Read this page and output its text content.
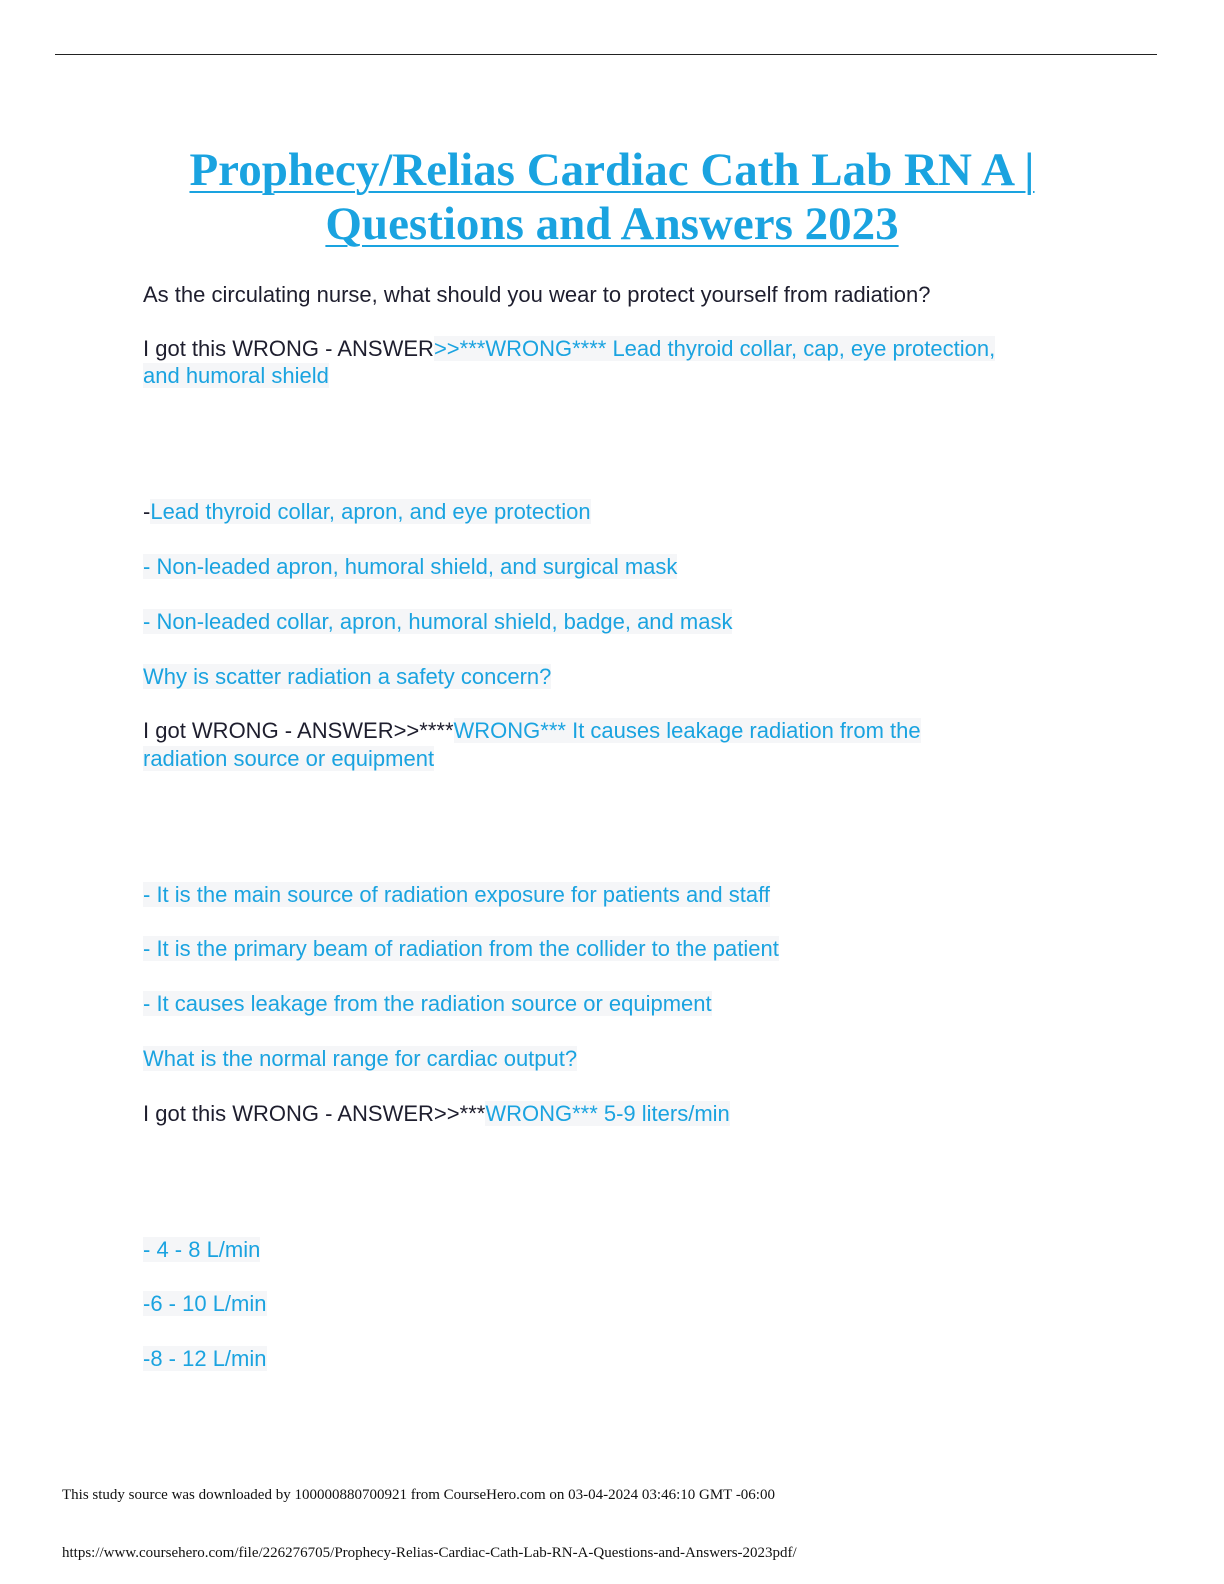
Prophecy/Relias Cardiac Cath Lab RN A |
Questions and Answers 2023
As the circulating nurse, what should you wear to protect yourself from radiation?
I got this WRONG - ANSWER>>***WRONG**** Lead thyroid collar, cap, eye protection,
and humoral shield
-Lead thyroid collar, apron, and eye protection
- Non-leaded apron, humoral shield, and surgical mask
- Non-leaded collar, apron, humoral shield, badge, and mask
Why is scatter radiation a safety concern?
I got WRONG - ANSWER>>****WRONG*** It causes leakage radiation from the
radiation source or equipment
- It is the main source of radiation exposure for patients and staff
- It is the primary beam of radiation from the collider to the patient
- It causes leakage from the radiation source or equipment
What is the normal range for cardiac output?
I got this WRONG - ANSWER>>***WRONG*** 5-9 liters/min
- 4 - 8 L/min
-6 - 10 L/min
-8 - 12 L/min
This study source was downloaded by 100000880700921 from CourseHero.com on 03-04-2024 03:46:10 GMT -06:00
https://www.coursehero.com/file/226276705/Prophecy-Relias-Cardiac-Cath-Lab-RN-A-Questions-and-Answers-2023pdf/
